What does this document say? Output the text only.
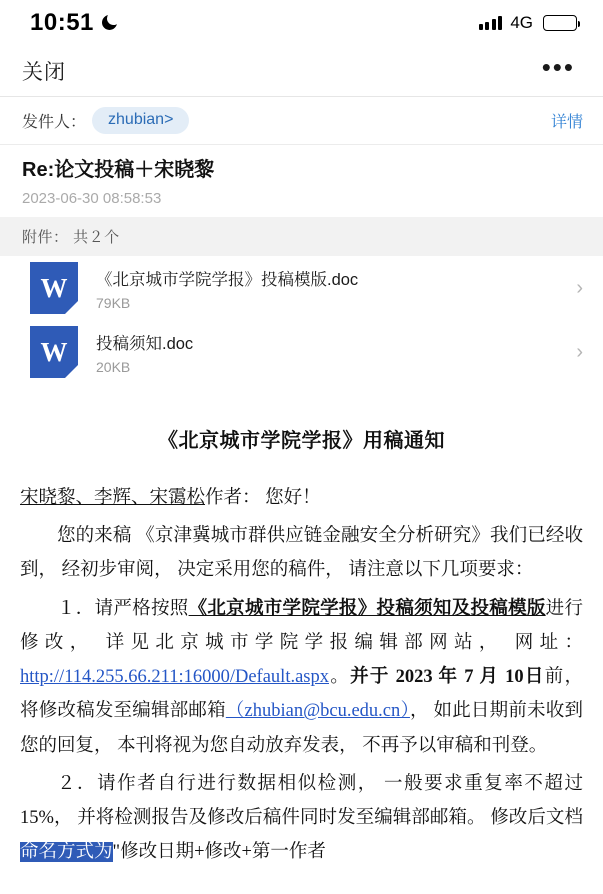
10:51	4G
关闭	•••
发件人：	zhubian>	详情
Re:论文投稿＋宋晓黎
2023-06-30 08:58:53
附件： 共２个
W	《北京城市学院学报》投稿模版.doc
79KB
›
W	投稿须知.doc
20KB
›
《北京城市学院学报》用稿通知
宋晓黎、李辉、宋霭松作者： 您好！
您的来稿 《京津冀城市群供应链金融安全分析研究》我们已经收到， 经初步审阅， 决定采用您的稿件， 请注意以下几项要求：
１．请严格按照《北京城市学院学报》投稿须知及投稿模版进行修改， 详见北京城市学院学报编辑部网站， 网址： http://114.255.66.211:16000/Default.aspx。并于 2023 年 7 月 10日前， 将修改稿发至编辑部邮箱（zhubian@bcu.edu.cn）， 如此日期前未收到您的回复， 本刊将视为您自动放弃发表， 不再予以审稿和刊登。
２．请作者自行进行数据相似检测， 一般要求重复率不超过15%， 并将检测报告及修改后稿件同时发至编辑部邮箱。 修改后文档命名方式为"修改日期+修改+第一作者
